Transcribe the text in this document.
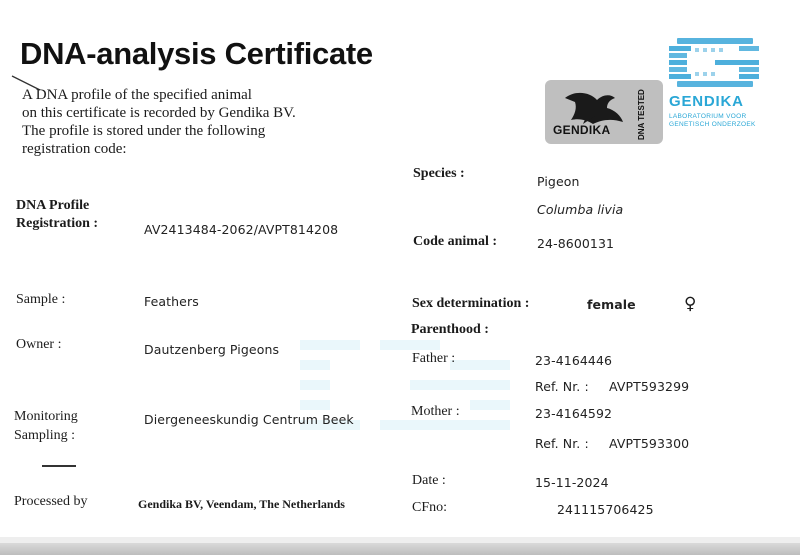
DNA-analysis Certificate
A DNA profile of the specified animal
on this certificate is recorded by Gendika BV.
The profile is stored under the following
registration code:
GENDIKA	DNA TESTED	GENDIKA
LABORATORIUM VOOR
GENETISCH ONDERZOEK
DNA Profile
Registration :	AV2413484-2062/AVPT814208
Sample :	Feathers
Owner :	Dautzenberg Pigeons
Monitoring
Sampling :
Diergeneeskundig Centrum Beek
Processed by	Gendika BV, Veendam, The Netherlands
Species :
Pigeon
Columba livia
Code animal :	24-8600131
Sex determination :	female	♀
Parenthood :
Father :	23-4164446
Ref. Nr. : AVPT593299
Mother :	23-4164592
Ref. Nr. : AVPT593300
Date :	15-11-2024
CFno:	241115706425
